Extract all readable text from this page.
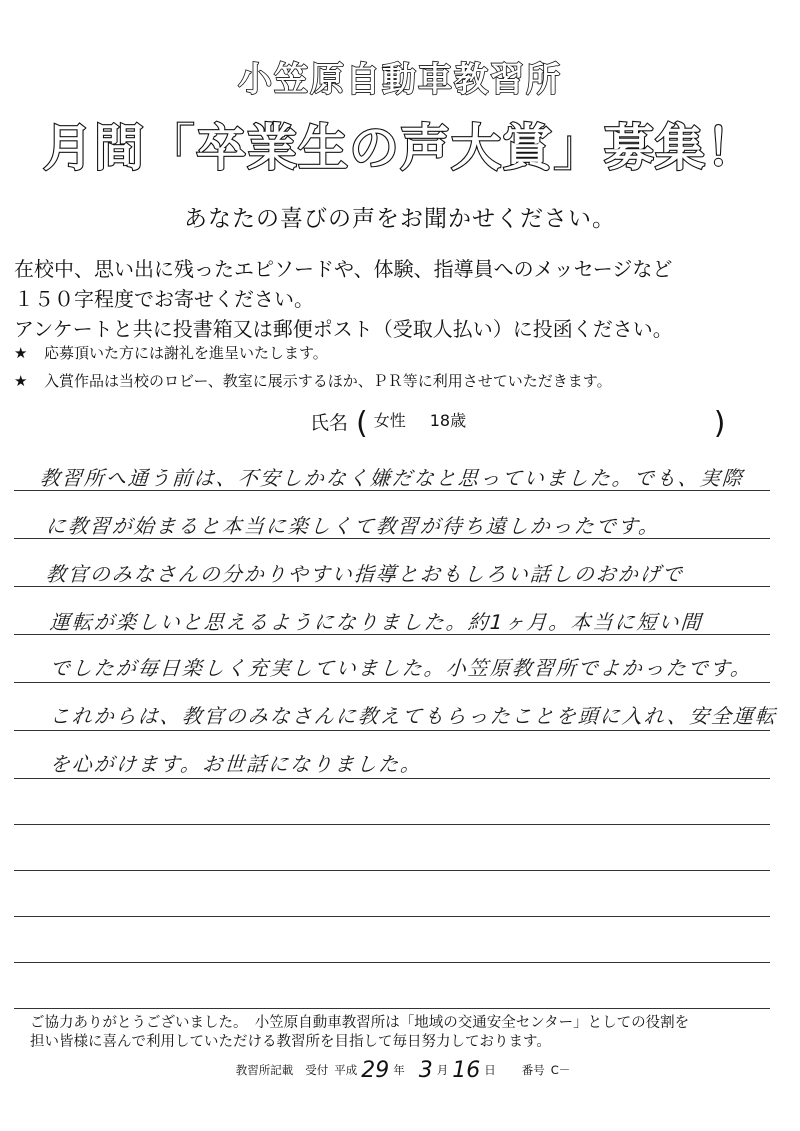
小笠原自動車教習所
月間「卒業生の声大賞」募集！
あなたの喜びの声をお聞かせください。

在校中、思い出に残ったエピソードや、体験、指導員へのメッセージなど

１５０字程度でお寄せください。

アンケートと共に投書箱又は郵便ポスト（受取人払い）に投函ください。

★ 応募頂いた方には謝礼を進呈いたします。
★ 入賞作品は当校のロビー、教室に展示するほか、ＰＲ等に利用させていただきます。
氏名 ( 女性 18歳	)
教習所へ通う前は、不安しかなく嫌だなと思っていました。でも、実際
に教習が始まると本当に楽しくて教習が待ち遠しかったです。
教官のみなさんの分かりやすい指導とおもしろい話しのおかげで
運転が楽しいと思えるようになりました。約1ヶ月。本当に短い間
でしたが毎日楽しく充実していました。小笠原教習所でよかったです。
これからは、教官のみなさんに教えてもらったことを頭に入れ、安全運転
を心がけます。お世話になりました。

ご協力ありがとうございました。　小笠原自動車教習所は「地域の交通安全センター」としての役割を

担い皆様に喜んで利用していただける教習所を目指して毎日努力しております。

教習所記載 受付 平成 29 年 3 月 16 日 番号 C－
